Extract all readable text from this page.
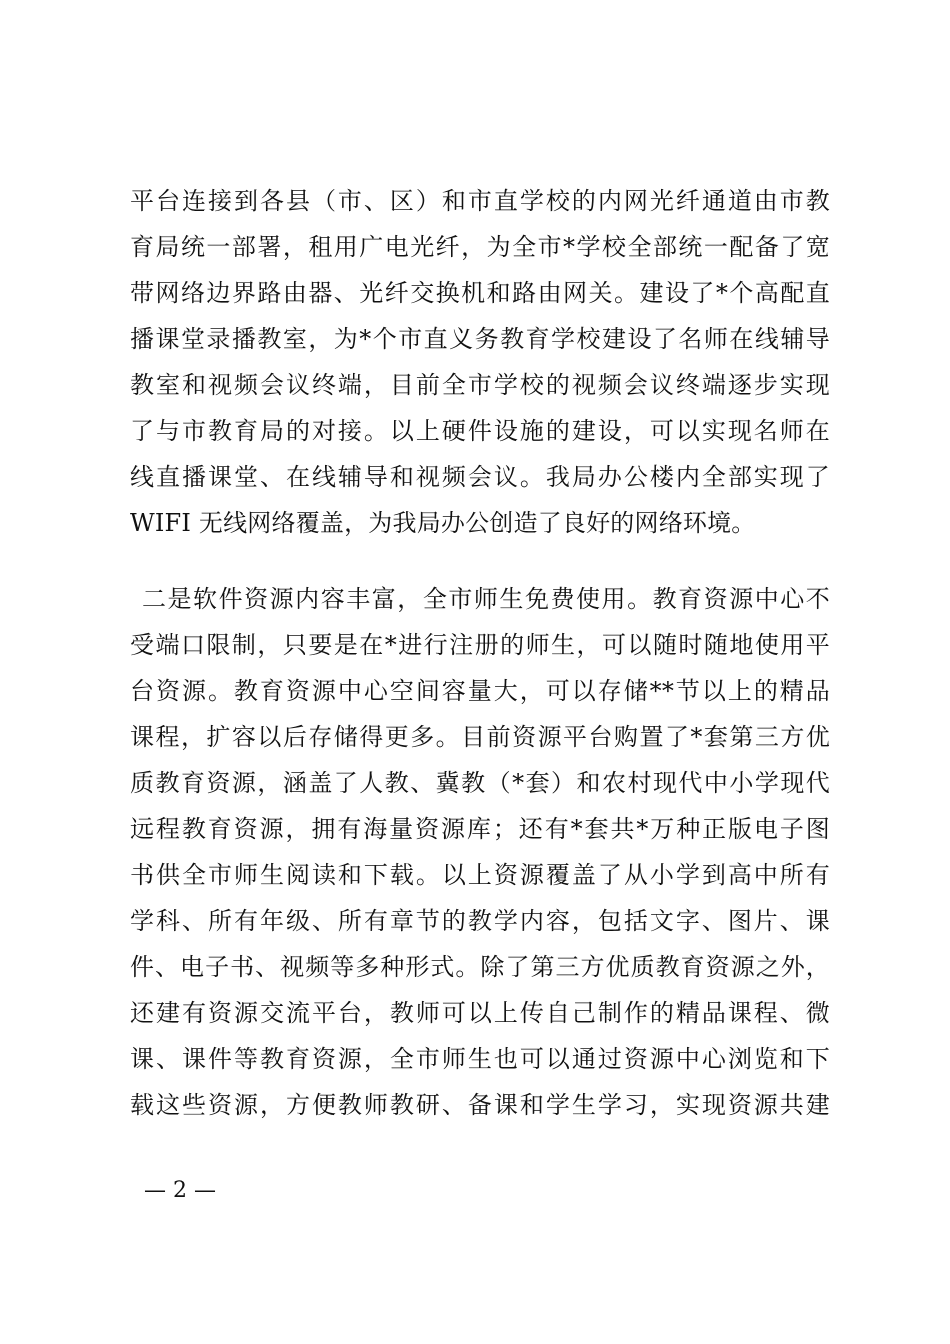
平台连接到各县（市、区）和市直学校的内网光纤通道由市教
育局统一部署，租用广电光纤，为全市*学校全部统一配备了宽
带网络边界路由器、光纤交换机和路由网关。建设了*个高配直
播课堂录播教室，为*个市直义务教育学校建设了名师在线辅导
教室和视频会议终端，目前全市学校的视频会议终端逐步实现
了与市教育局的对接。以上硬件设施的建设，可以实现名师在
线直播课堂、在线辅导和视频会议。我局办公楼内全部实现了
WIFI 无线网络覆盖，为我局办公创造了良好的网络环境。
二是软件资源内容丰富，全市师生免费使用。教育资源中心不
受端口限制，只要是在*进行注册的师生，可以随时随地使用平
台资源。教育资源中心空间容量大，可以存储**节以上的精品
课程，扩容以后存储得更多。目前资源平台购置了*套第三方优
质教育资源，涵盖了人教、冀教（*套）和农村现代中小学现代
远程教育资源，拥有海量资源库；还有*套共*万种正版电子图
书供全市师生阅读和下载。以上资源覆盖了从小学到高中所有
学科、所有年级、所有章节的教学内容，包括文字、图片、课
件、电子书、视频等多种形式。除了第三方优质教育资源之外，
还建有资源交流平台，教师可以上传自己制作的精品课程、微
课、课件等教育资源，全市师生也可以通过资源中心浏览和下
载这些资源，方便教师教研、备课和学生学习，实现资源共建
— 2 —
